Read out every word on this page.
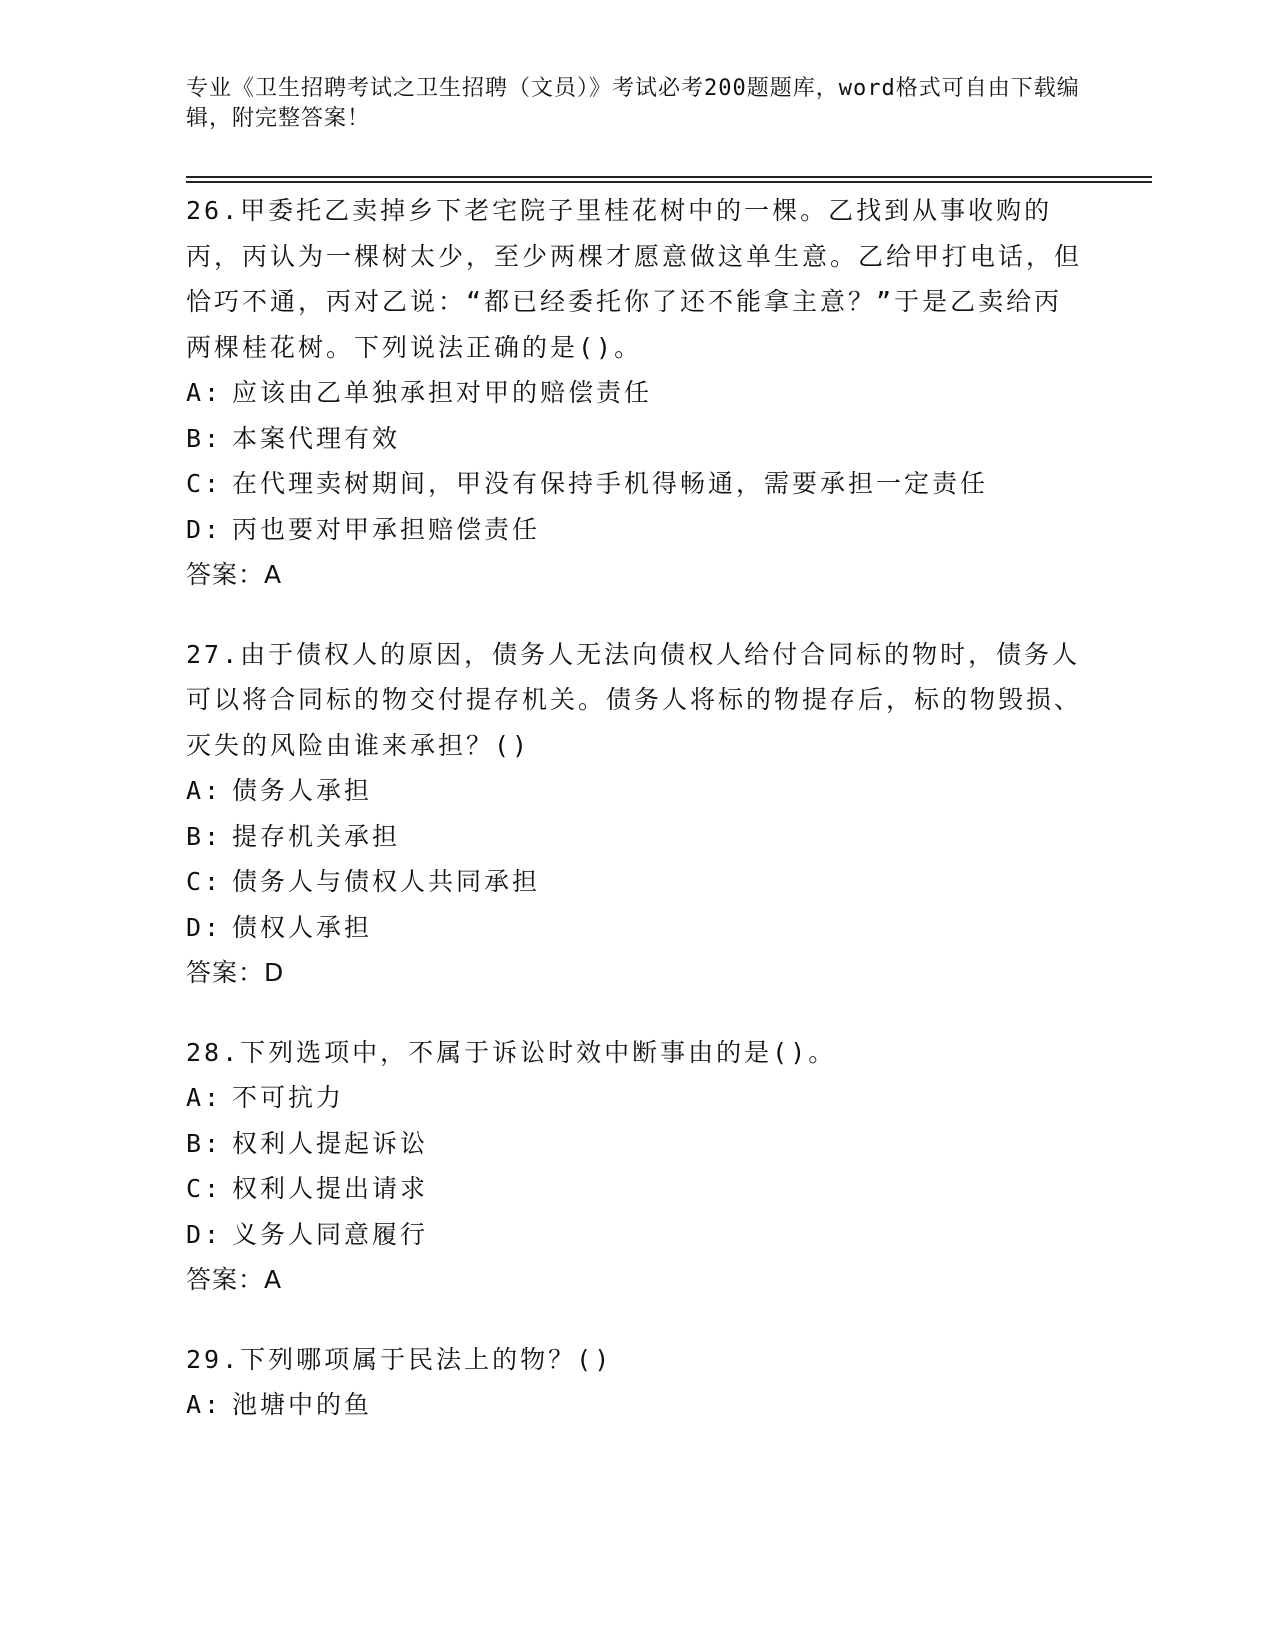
专业《卫生招聘考试之卫生招聘（文员）》考试必考200题题库，word格式可自由下载编辑，附完整答案！
26.甲委托乙卖掉乡下老宅院子里桂花树中的一棵。乙找到从事收购的丙，丙认为一棵树太少，至少两棵才愿意做这单生意。乙给甲打电话，但恰巧不通，丙对乙说：“都已经委托你了还不能拿主意？”于是乙卖给丙两棵桂花树。下列说法正确的是()。
A: 应该由乙单独承担对甲的赔偿责任
B: 本案代理有效
C: 在代理卖树期间，甲没有保持手机得畅通，需要承担一定责任
D: 丙也要对甲承担赔偿责任
答案：A
27.由于债权人的原因，债务人无法向债权人给付合同标的物时，债务人可以将合同标的物交付提存机关。债务人将标的物提存后，标的物毁损、灭失的风险由谁来承担？()
A: 债务人承担
B: 提存机关承担
C: 债务人与债权人共同承担
D: 债权人承担
答案：D
28.下列选项中，不属于诉讼时效中断事由的是()。
A: 不可抗力
B: 权利人提起诉讼
C: 权利人提出请求
D: 义务人同意履行
答案：A
29.下列哪项属于民法上的物？()
A: 池塘中的鱼
